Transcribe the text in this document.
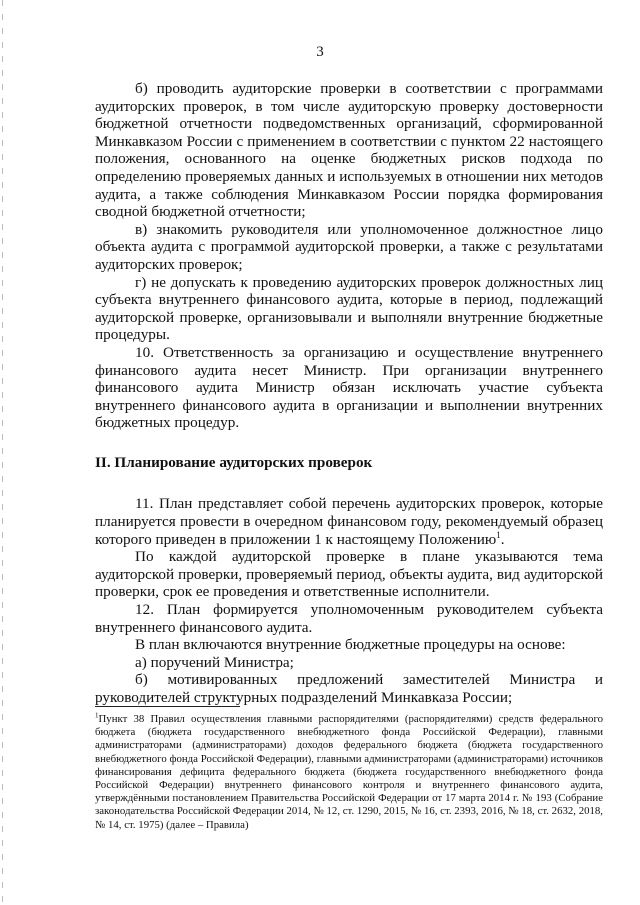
3

б) проводить аудиторские проверки в соответствии с программами аудиторских проверок, в том числе аудиторскую проверку достоверности бюджетной отчетности подведомственных организаций, сформированной Минкавказом России с применением в соответствии с пунктом 22 настоящего положения, основанного на оценке бюджетных рисков подхода по определению проверяемых данных и используемых в отношении них методов аудита, а также соблюдения Минкавказом России порядка формирования сводной бюджетной отчетности;

в) знакомить руководителя или уполномоченное должностное лицо объекта аудита с программой аудиторской проверки, а также с результатами аудиторских проверок;

г) не допускать к проведению аудиторских проверок должностных лиц субъекта внутреннего финансового аудита, которые в период, подлежащий аудиторской проверке, организовывали и выполняли внутренние бюджетные процедуры.

10. Ответственность за организацию и осуществление внутреннего финансового аудита несет Министр. При организации внутреннего финансового аудита Министр обязан исключать участие субъекта внутреннего финансового аудита в организации и выполнении внутренних бюджетных процедур.

II. Планирование аудиторских проверок

11. План представляет собой перечень аудиторских проверок, которые планируется провести в очередном финансовом году, рекомендуемый образец которого приведен в приложении 1 к настоящему Положению$^1$.

По каждой аудиторской проверке в плане указываются тема аудиторской проверки, проверяемый период, объекты аудита, вид аудиторской проверки, срок ее проведения и ответственные исполнители.

12. План формируется уполномоченным руководителем субъекта внутреннего финансового аудита.

В план включаются внутренние бюджетные процедуры на основе:

а) поручений Министра;

б) мотивированных предложений заместителей Министра и руководителей структурных подразделений Минкавказа России;

$^1$Пункт 38 Правил осуществления главными распорядителями (распорядителями) средств федерального бюджета (бюджета государственного внебюджетного фонда Российской Федерации), главными администраторами (администраторами) доходов федерального бюджета (бюджета государственного внебюджетного фонда Российской Федерации), главными администраторами (администраторами) источников финансирования дефицита федерального бюджета (бюджета государственного внебюджетного фонда Российской Федерации) внутреннего финансового контроля и внутреннего финансового аудита, утверждёнными постановлением Правительства Российской Федерации от 17 марта 2014 г. № 193 (Собрание законодательства Российской Федерации 2014, № 12, ст. 1290, 2015, № 16, ст. 2393, 2016, № 18, ст. 2632, 2018, № 14, ст. 1975) (далее – Правила)
